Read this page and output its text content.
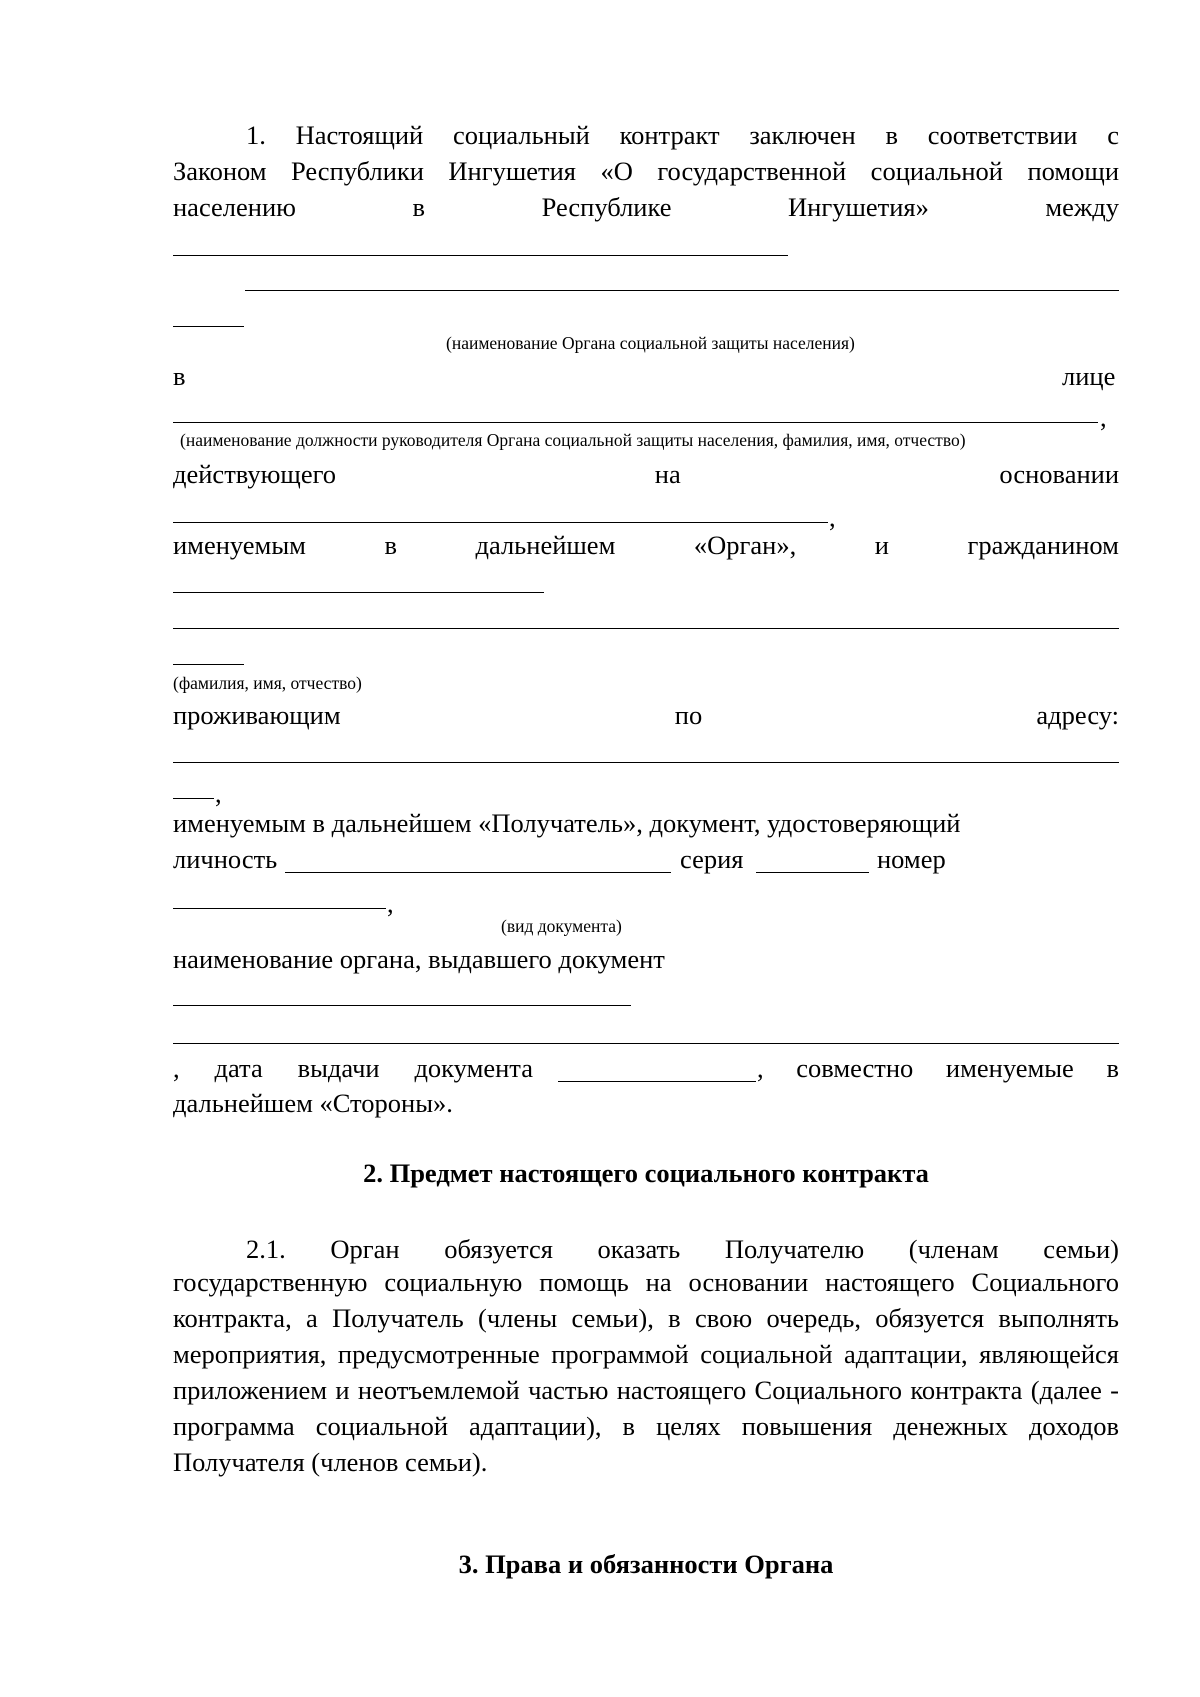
1. Настоящий социальный контракт заключен в соответствии с
Законом Республики Ингушетия «О государственной социальной помощи
населению	в	Республике	Ингушетия»	между
(наименование Органа социальной защиты населения)
в	лице
,
(наименование должности руководителя Органа социальной защиты населения, фамилия, имя, отчество)
действующего	на	основании
,
именуемым	в	дальнейшем	«Орган»,	и	гражданином
(фамилия, имя, отчество)
проживающим	по	адресу:
,
именуемым в дальнейшем «Получатель», документ, удостоверяющий
личность	серия	номер
,
(вид документа)
наименование органа, выдавшего документ
, дата выдачи документа	, совместно именуемые в
дальнейшем «Стороны».
2. Предмет настоящего социального контракта
2.1. Орган обязуется оказать Получателю (членам семьи)
государственную социальную помощь на основании настоящего Социального контракта, а Получатель (члены семьи), в свою очередь, обязуется выполнять мероприятия, предусмотренные программой социальной адаптации, являющейся приложением и неотъемлемой частью настоящего Социального контракта (далее - программа социальной адаптации), в целях повышения денежных доходов Получателя (членов семьи).
3. Права и обязанности Органа
